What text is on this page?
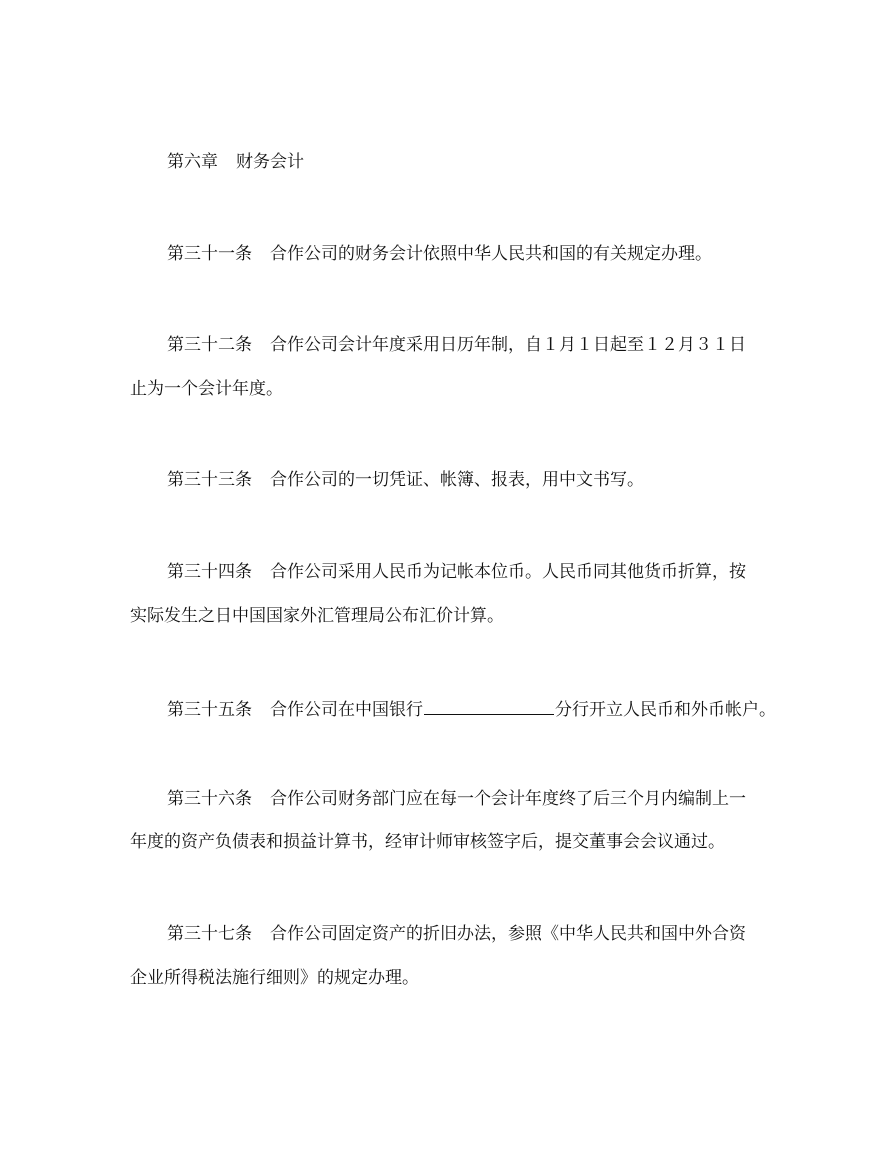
第六章 财务会计
第三十一条 合作公司的财务会计依照中华人民共和国的有关规定办理。
第三十二条 合作公司会计年度采用日历年制，自１月１日起至１２月３１日
止为一个会计年度。
第三十三条 合作公司的一切凭证、帐簿、报表，用中文书写。
第三十四条 合作公司采用人民币为记帐本位币。人民币同其他货币折算，按
实际发生之日中国国家外汇管理局公布汇价计算。
第三十五条 合作公司在中国银行	分行开立人民币和外币帐户。
第三十六条 合作公司财务部门应在每一个会计年度终了后三个月内编制上一
年度的资产负债表和损益计算书，经审计师审核签字后，提交董事会会议通过。
第三十七条 合作公司固定资产的折旧办法，参照《中华人民共和国中外合资
企业所得税法施行细则》的规定办理。
